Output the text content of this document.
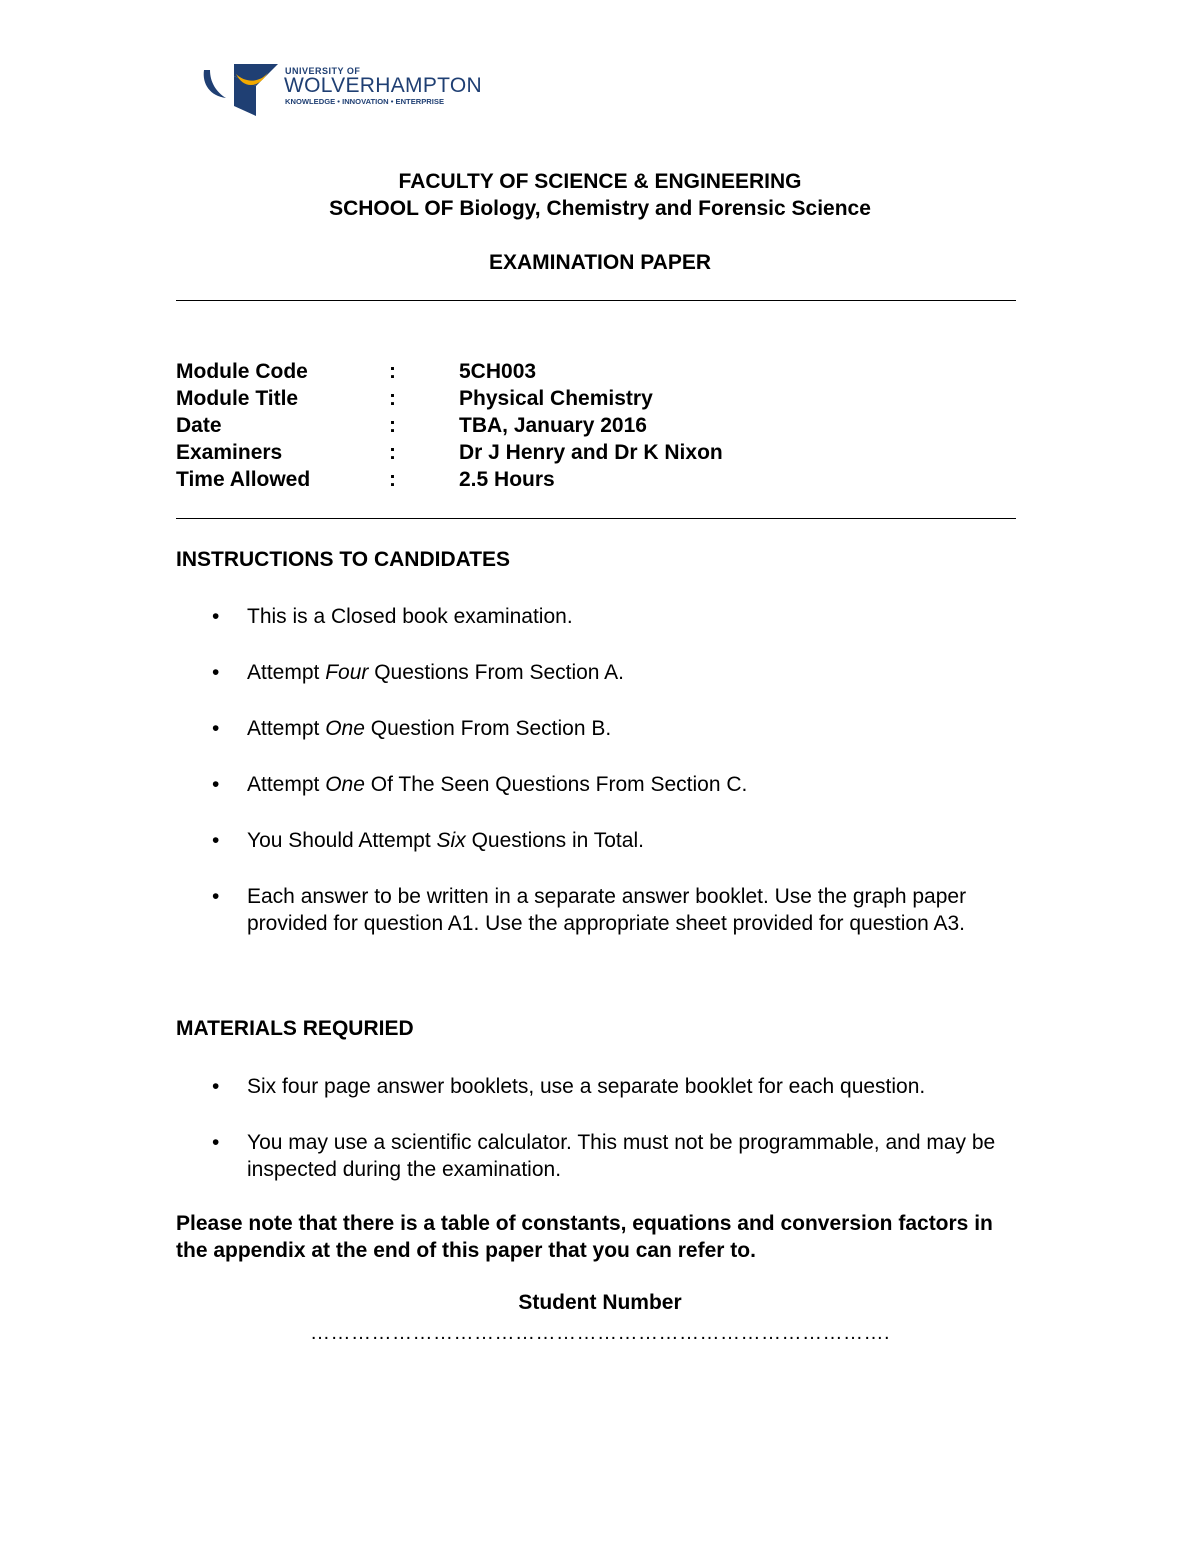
UNIVERSITY OF
WOLVERHAMPTON
KNOWLEDGE • INNOVATION • ENTERPRISE
FACULTY OF SCIENCE & ENGINEERING
SCHOOL OF Biology, Chemistry and Forensic Science
EXAMINATION PAPER
Module Code	:	5CH003
Module Title	:	Physical Chemistry
Date	:	TBA, January 2016
Examiners	:	Dr J Henry and Dr K Nixon
Time Allowed	:	2.5 Hours
INSTRUCTIONS TO CANDIDATES
• This is a Closed book examination.
• Attempt Four Questions From Section A.
• Attempt One Question From Section B.
• Attempt One Of The Seen Questions From Section C.
• You Should Attempt Six Questions in Total.
• Each answer to be written in a separate answer booklet. Use the graph paper provided for question A1. Use the appropriate sheet provided for question A3.
MATERIALS REQURIED
• Six four page answer booklets, use a separate booklet for each question.
• You may use a scientific calculator. This must not be programmable, and may be inspected during the examination.
Please note that there is a table of constants, equations and conversion factors in the appendix at the end of this paper that you can refer to.
Student Number
………………………………………………………………………….
